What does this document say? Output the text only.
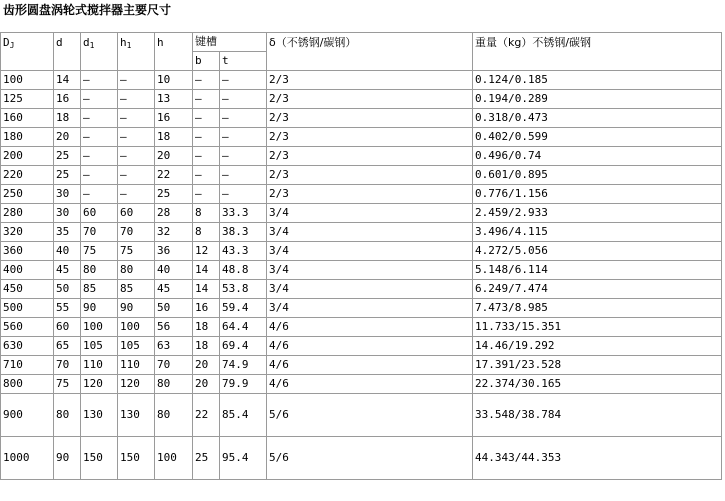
齿形圆盘涡轮式搅拌器主要尺寸
$D_J$	d	$d_1$	$h_1$	h	键槽		δ（不锈钢/碳钢）	重量（kg）不锈钢/碳钢
					b	t		
100	14	–	–	10	–	–	2/3	0.124/0.185
125	16	–	–	13	–	–	2/3	0.194/0.289
160	18	–	–	16	–	–	2/3	0.318/0.473
180	20	–	–	18	–	–	2/3	0.402/0.599
200	25	–	–	20	–	–	2/3	0.496/0.74
220	25	–	–	22	–	–	2/3	0.601/0.895
250	30	–	–	25	–	–	2/3	0.776/1.156
280	30	60	60	28	8	33.3	3/4	2.459/2.933
320	35	70	70	32	8	38.3	3/4	3.496/4.115
360	40	75	75	36	12	43.3	3/4	4.272/5.056
400	45	80	80	40	14	48.8	3/4	5.148/6.114
450	50	85	85	45	14	53.8	3/4	6.249/7.474
500	55	90	90	50	16	59.4	3/4	7.473/8.985
560	60	100	100	56	18	64.4	4/6	11.733/15.351
630	65	105	105	63	18	69.4	4/6	14.46/19.292
710	70	110	110	70	20	74.9	4/6	17.391/23.528
800	75	120	120	80	20	79.9	4/6	22.374/30.165
900	80	130	130	80	22	85.4	5/6	33.548/38.784
1000	90	150	150	100	25	95.4	5/6	44.343/44.353
